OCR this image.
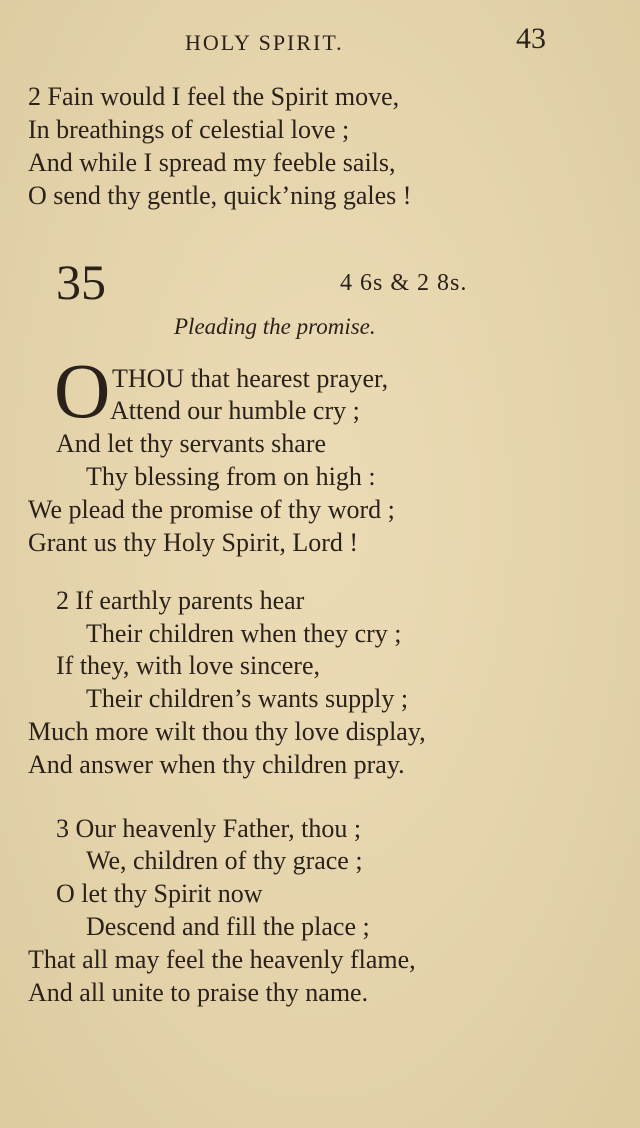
HOLY SPIRIT.	43
2 Fain would I feel the Spirit move,
In breathings of celestial love ;
And while I spread my feeble sails,
O send thy gentle, quick’ning gales !
35	4 6s & 2 8s.
Pleading the promise.
O THOU that hearest prayer,
Attend our humble cry ;
And let thy servants share
Thy blessing from on high :
We plead the promise of thy word ;
Grant us thy Holy Spirit, Lord !
2 If earthly parents hear
Their children when they cry ;
If they, with love sincere,
Their children’s wants supply ;
Much more wilt thou thy love display,
And answer when thy children pray.
3 Our heavenly Father, thou ;
We, children of thy grace ;
O let thy Spirit now
Descend and fill the place ;
That all may feel the heavenly flame,
And all unite to praise thy name.
